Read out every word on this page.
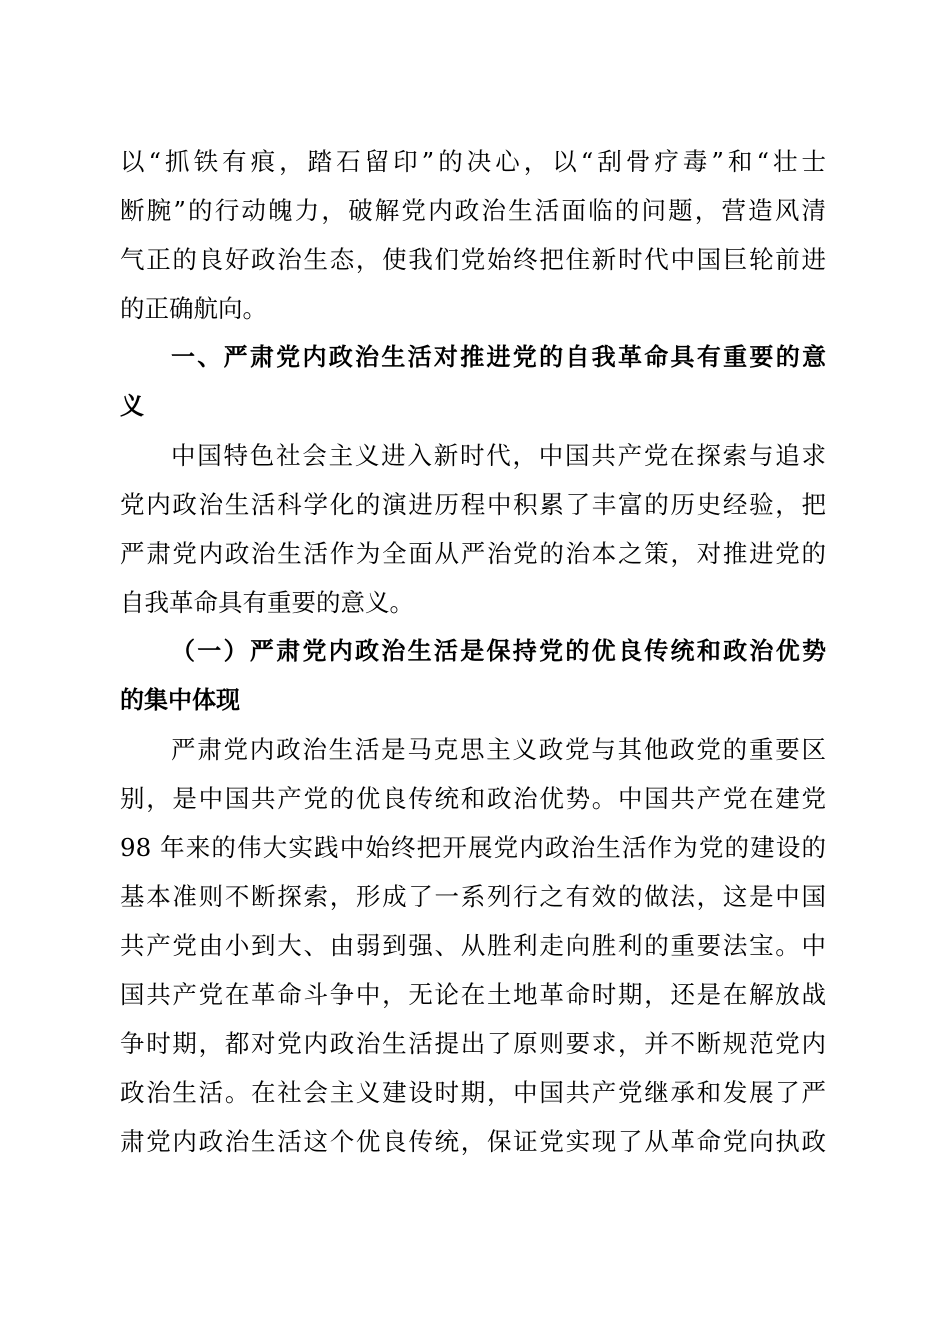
以“抓铁有痕，踏石留印”的决心，以“刮骨疗毒”和“壮士
断腕”的行动魄力，破解党内政治生活面临的问题，营造风清
气正的良好政治生态，使我们党始终把住新时代中国巨轮前进
的正确航向。
一、严肃党内政治生活对推进党的自我革命具有重要的意
义
中国特色社会主义进入新时代，中国共产党在探索与追求
党内政治生活科学化的演进历程中积累了丰富的历史经验，把
严肃党内政治生活作为全面从严治党的治本之策，对推进党的
自我革命具有重要的意义。
（一）严肃党内政治生活是保持党的优良传统和政治优势
的集中体现
严肃党内政治生活是马克思主义政党与其他政党的重要区
别，是中国共产党的优良传统和政治优势。中国共产党在建党
98 年来的伟大实践中始终把开展党内政治生活作为党的建设的
基本准则不断探索，形成了一系列行之有效的做法，这是中国
共产党由小到大、由弱到强、从胜利走向胜利的重要法宝。中
国共产党在革命斗争中，无论在土地革命时期，还是在解放战
争时期，都对党内政治生活提出了原则要求，并不断规范党内
政治生活。在社会主义建设时期，中国共产党继承和发展了严
肃党内政治生活这个优良传统，保证党实现了从革命党向执政
